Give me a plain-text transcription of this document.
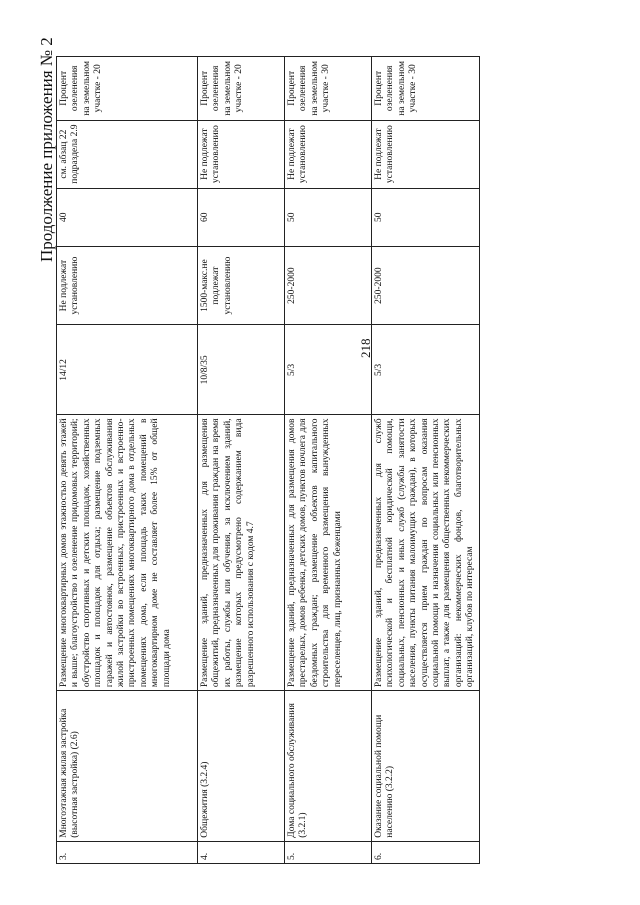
218
Продолжение приложения № 2
3.	Многоэтажная жилая застройка (высотная застройка) (2.6)	Размещение многоквартирных домов этажностью девять этажей и выше; благоустройство и озеленение придомовых территорий; обустройство спортивных и детских площадок, хозяйственных площадок и площадок для отдыха; размещение подземных гаражей и автостоянок, размещение объектов обслуживания жилой застройки во встроенных, пристроенных и встроенно-пристроенных помещениях многоквартирного дома в отдельных помещениях дома, если площадь таких помещений в многоквартирном доме не составляет более 15% от общей площади дома	14/12	Не подлежат установлению	40	см. абзац 22 подраздела 2.9	Процент озеленения на земельном участке - 20
4.	Общежития (3.2.4)	Размещение зданий, предназначенных для размещения общежитий, предназначенных для проживания граждан на время их работы, службы или обучения, за исключением зданий, размещение которых предусмотрено содержанием вида разрешенного использования с кодом 4.7	10/8/35	1500-макс.не подлежат установлению	60	Не подлежат установлению	Процент озеленения на земельном участке - 20
5.	Дома социального обслуживания (3.2.1)	Размещение зданий, предназначенных для размещения домов престарелых, домов ребенка, детских домов, пунктов ночлега для бездомных граждан; размещение объектов капитального строительства для временного размещения вынужденных переселенцев, лиц, признанных беженцами	5/3	250-2000	50	Не подлежат установлению	Процент озеленения на земельном участке - 30
6.	Оказание социальной помощи населению (3.2.2)	Размещение зданий, предназначенных для служб психологической и бесплатной юридической помощи, социальных, пенсионных и иных служб (службы занятости населения, пункты питания малоимущих граждан), в которых осуществляется прием граждан по вопросам оказания социальной помощи и назначения социальных или пенсионных выплат, а также для размещения общественных некоммерческих организаций: некоммерческих фондов, благотворительных организаций, клубов по интересам	5/3	250-2000	50	Не подлежат установлению	Процент озеленения на земельном участке - 30
